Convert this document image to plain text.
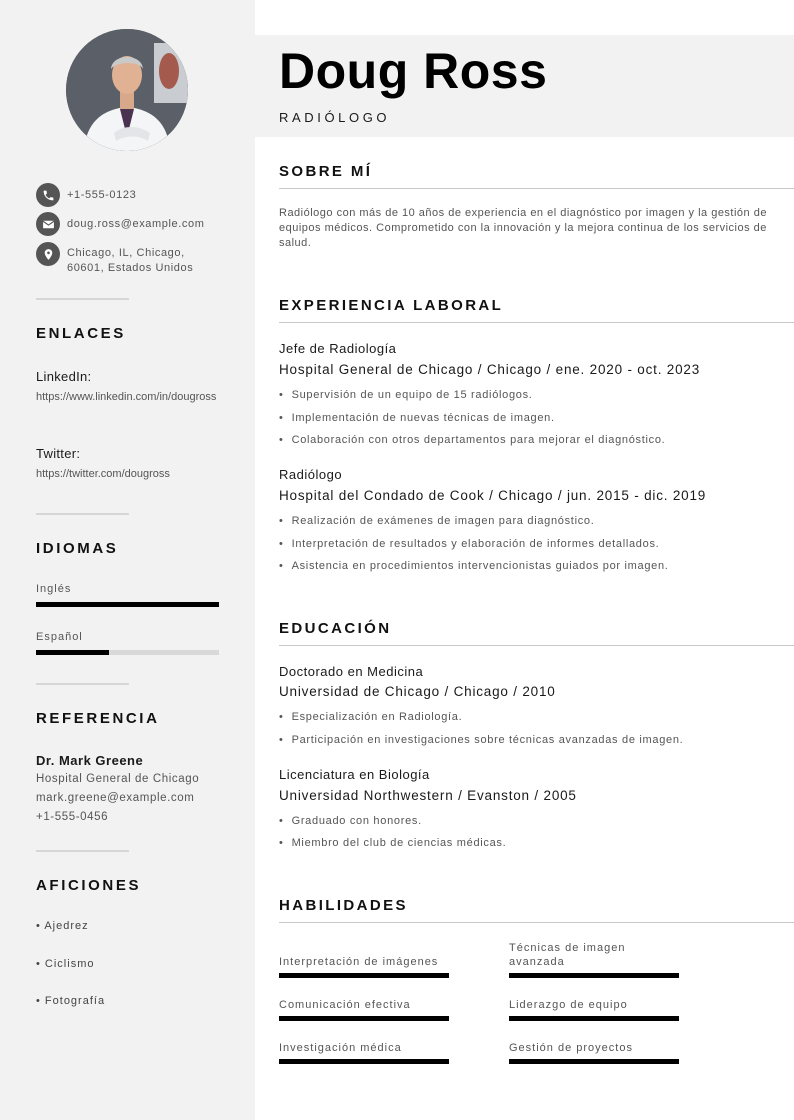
+1-555-0123
doug.ross@example.com
Chicago, IL, Chicago, 60601, Estados Unidos
ENLACES
LinkedIn:
https://www.linkedin.com/in/dougross
Twitter:
https://twitter.com/dougross
IDIOMAS
Inglés
Español
REFERENCIA
Dr. Mark Greene
Hospital General de Chicago
mark.greene@example.com
+1-555-0456
AFICIONES
• Ajedrez
• Ciclismo
• Fotografía
Doug Ross
RADIÓLOGO
SOBRE MÍ
Radiólogo con más de 10 años de experiencia en el diagnóstico por imagen y la gestión de equipos médicos. Comprometido con la innovación y la mejora continua de los servicios de salud.
EXPERIENCIA LABORAL
Jefe de Radiología
Hospital General de Chicago / Chicago / ene. 2020 - oct. 2023
• Supervisión de un equipo de 15 radiólogos.
• Implementación de nuevas técnicas de imagen.
• Colaboración con otros departamentos para mejorar el diagnóstico.
Radiólogo
Hospital del Condado de Cook / Chicago / jun. 2015 - dic. 2019
• Realización de exámenes de imagen para diagnóstico.
• Interpretación de resultados y elaboración de informes detallados.
• Asistencia en procedimientos intervencionistas guiados por imagen.
EDUCACIÓN
Doctorado en Medicina
Universidad de Chicago / Chicago / 2010
• Especialización en Radiología.
• Participación en investigaciones sobre técnicas avanzadas de imagen.
Licenciatura en Biología
Universidad Northwestern / Evanston / 2005
• Graduado con honores.
• Miembro del club de ciencias médicas.
HABILIDADES
Interpretación de imágenes
Técnicas de imagen avanzada
Comunicación efectiva	Liderazgo de equipo
Investigación médica	Gestión de proyectos
